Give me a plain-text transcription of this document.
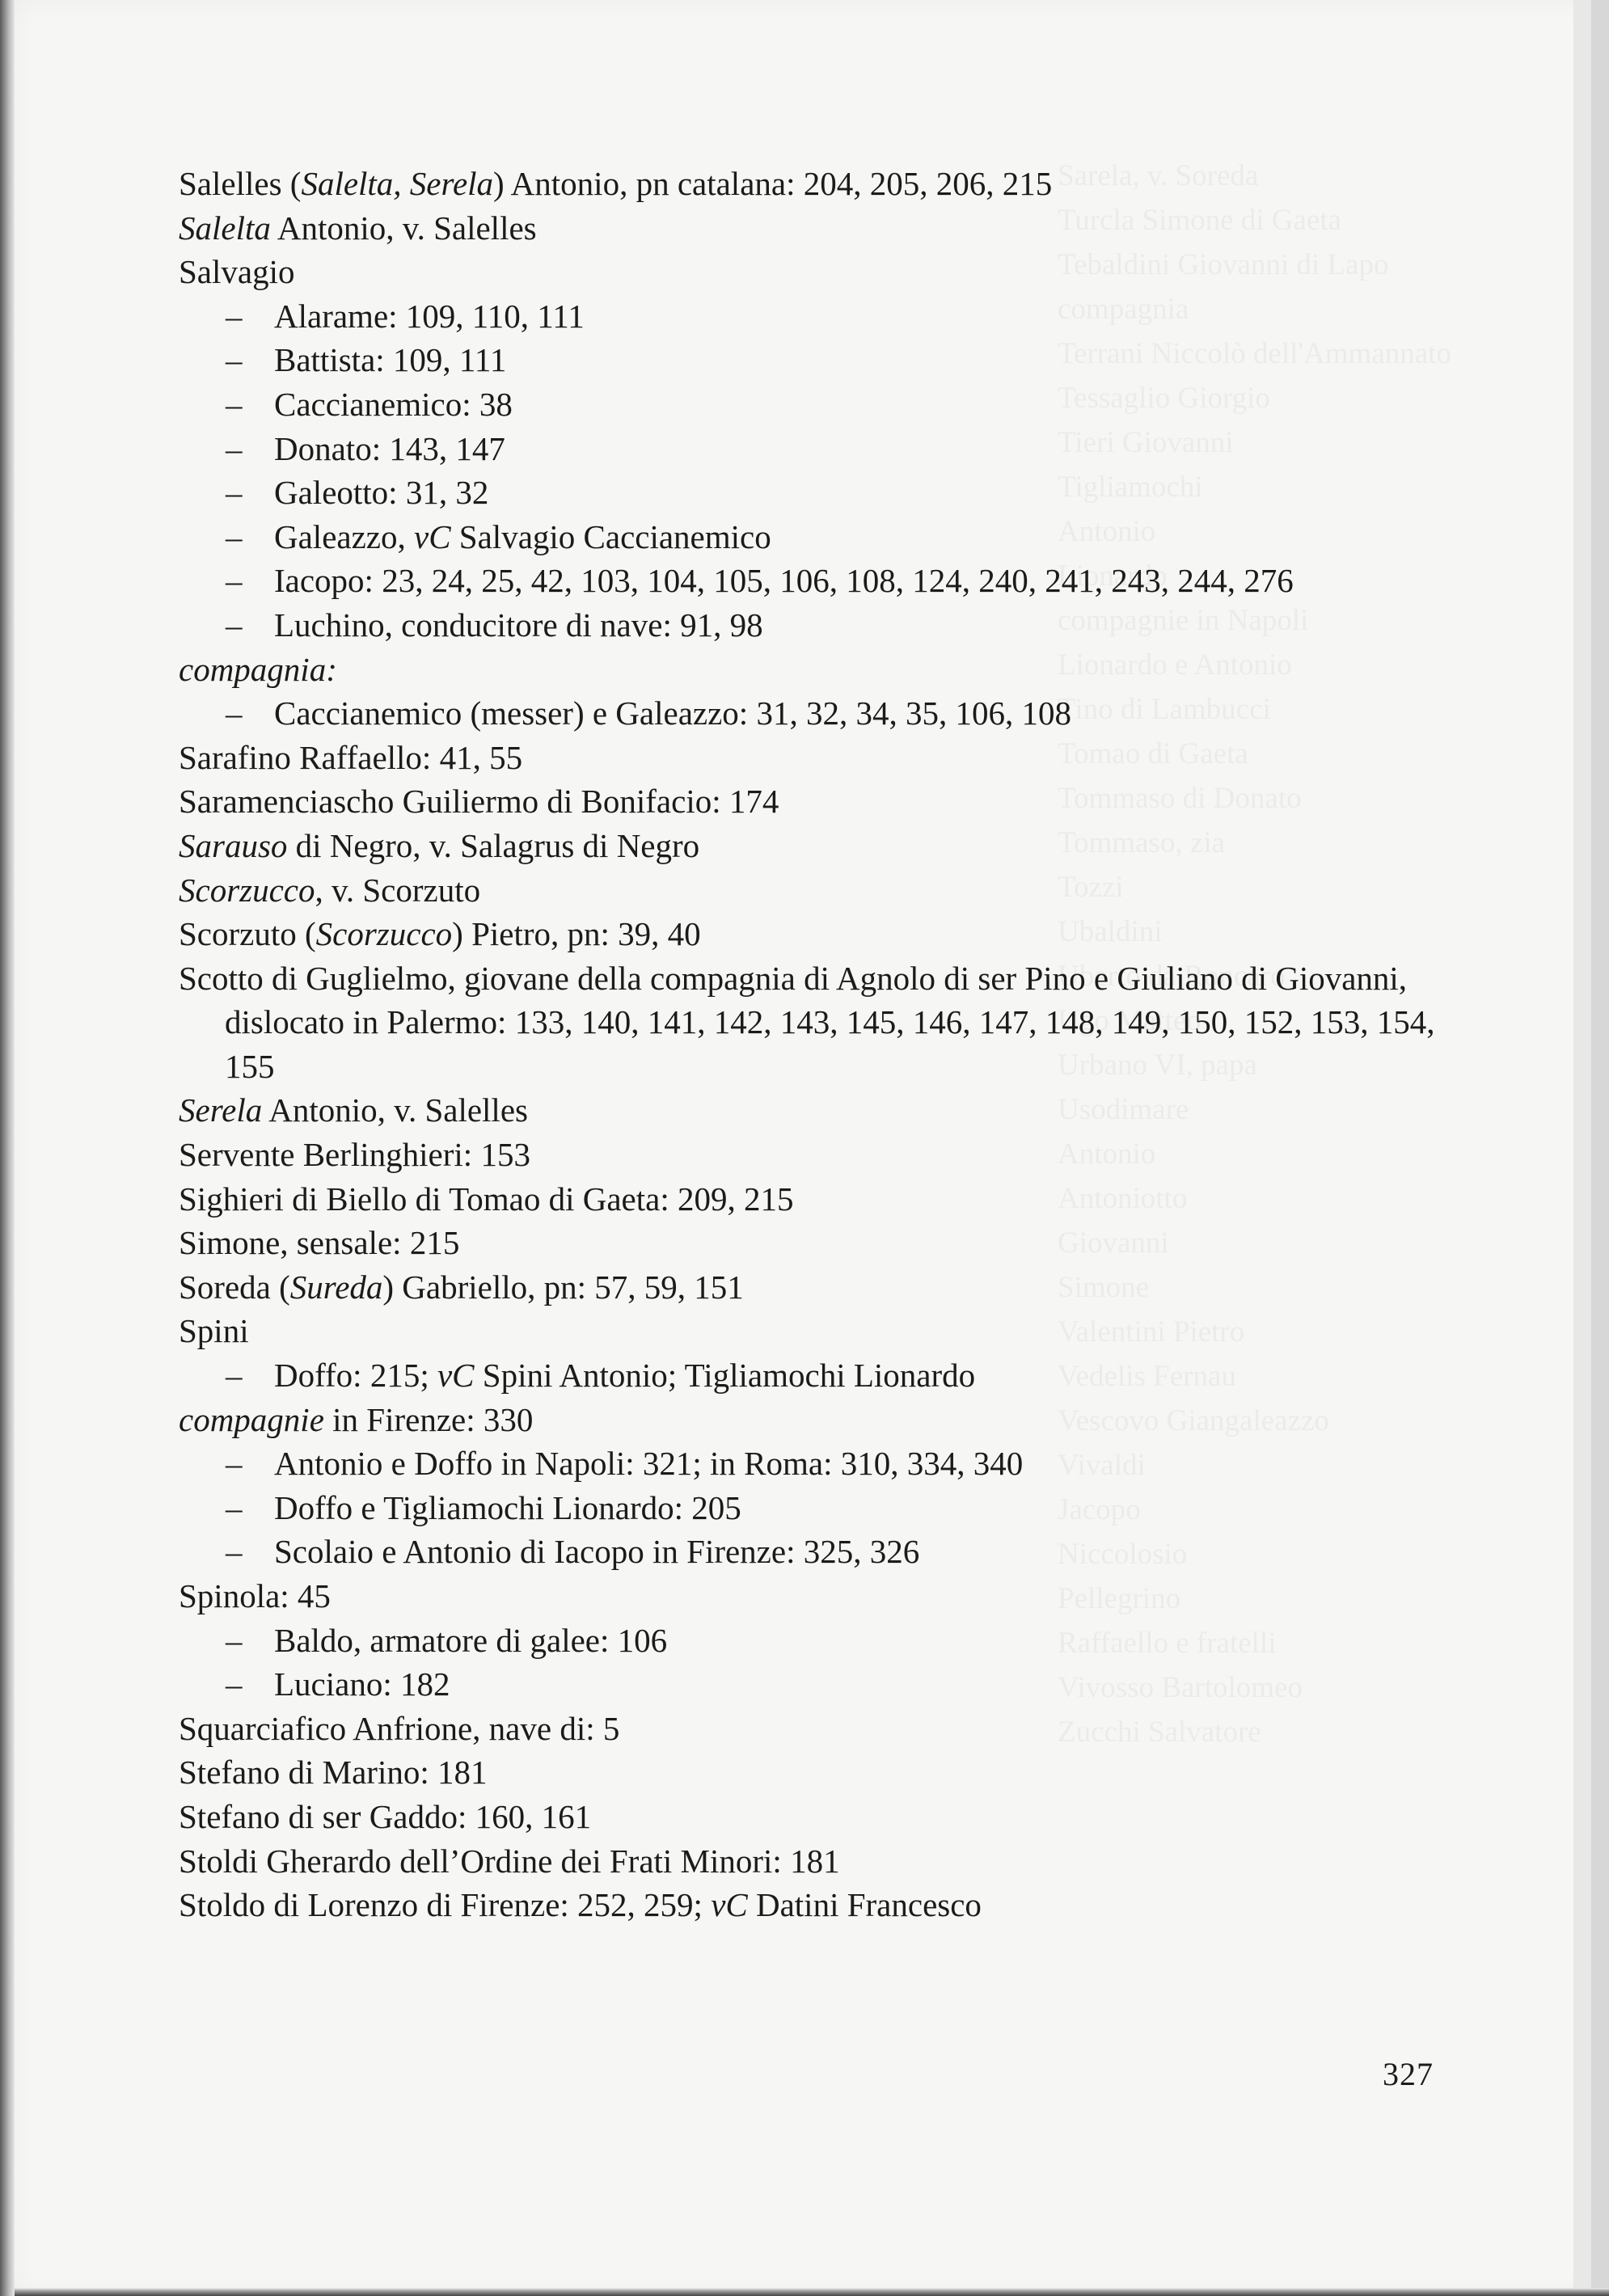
Salelles (Saleltа, Serela) Antonio, pn catalana: 204, 205, 206, 215
Salelta Antonio, v. Salelles
Salvagio
– Alarame: 109, 110, 111
– Battista: 109, 111
– Caccianemico: 38
– Donato: 143, 147
– Galeotto: 31, 32
– Galeazzo, vC Salvagio Caccianemico
– Iacopo: 23, 24, 25, 42, 103, 104, 105, 106, 108, 124, 240, 241, 243, 244, 276
– Luchino, conducitore di nave: 91, 98
compagnia:
– Caccianemico (messer) e Galeazzo: 31, 32, 34, 35, 106, 108
Sarafino Raffaello: 41, 55
Saramenciascho Guiliermo di Bonifacio: 174
Sarauso di Negro, v. Salagrus di Negro
Scorzucco, v. Scorzuto
Scorzuto (Scorzucco) Pietro, pn: 39, 40
Scotto di Guglielmo, giovane della compagnia di Agnolo di ser Pino e Giuliano di Giovanni, dislocato in Palermo: 133, 140, 141, 142, 143, 145, 146, 147, 148, 149, 150, 152, 153, 154, 155
Serela Antonio, v. Salelles
Servente Berlinghieri: 153
Sighieri di Biello di Tomao di Gaeta: 209, 215
Simone, sensale: 215
Soreda (Sureda) Gabriello, pn: 57, 59, 151
Spini
– Doffo: 215; vC Spini Antonio; Tigliamochi Lionardo
compagnie in Firenze: 330
– Antonio e Doffo in Napoli: 321; in Roma: 310, 334, 340
– Doffo e Tigliamochi Lionardo: 205
– Scolaio e Antonio di Iacopo in Firenze: 325, 326
Spinola: 45
– Baldo, armatore di galee: 106
– Luciano: 182
Squarciafico Anfrione, nave di: 5
Stefano di Marino: 181
Stefano di ser Gaddo: 160, 161
Stoldi Gherardo dell’Ordine dei Frati Minori: 181
Stoldo di Lorenzo di Firenze: 252, 259; vC Datini Francesco
327
